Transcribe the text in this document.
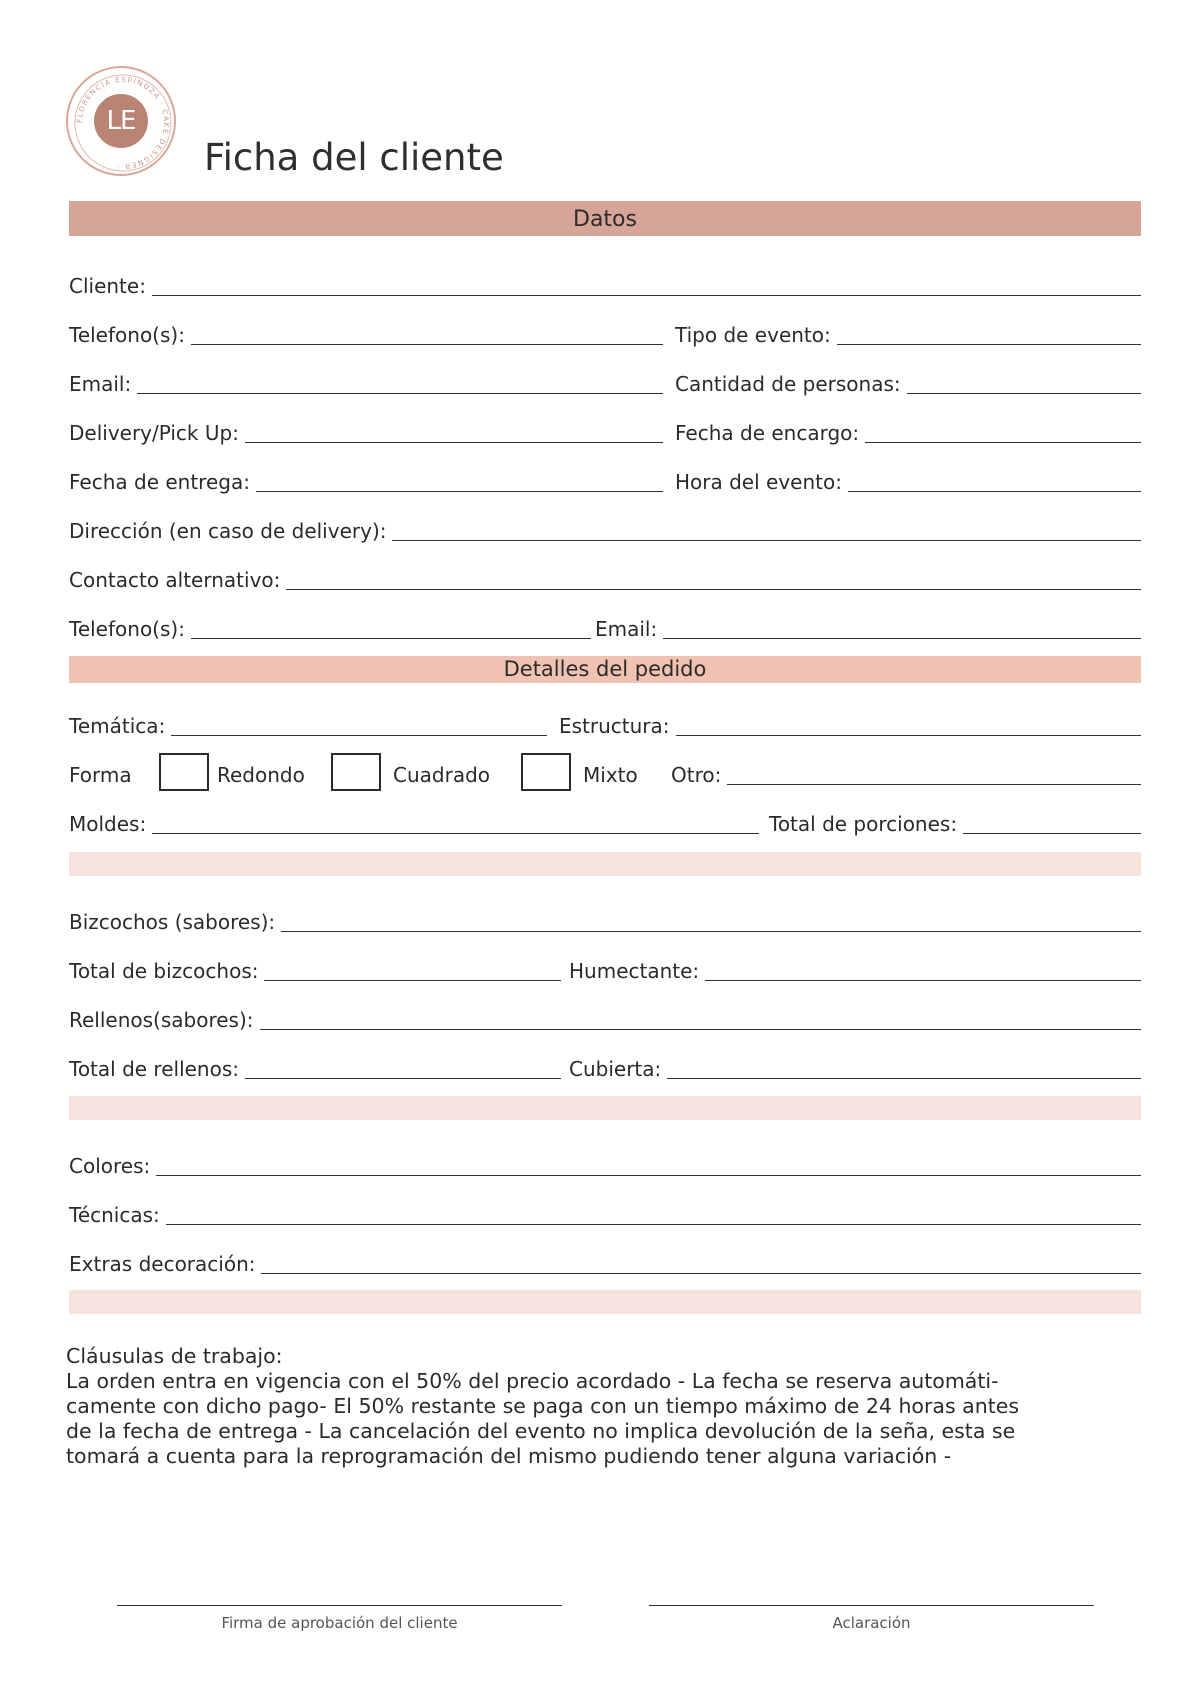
FLORENCIA ESPINOZA · CAKE DESIGNER ·
LE
Ficha del cliente
Datos
Cliente:
Telefono(s):	Tipo de evento:
Email:	Cantidad de personas:
Delivery/Pick Up:	Fecha de encargo:
Fecha de entrega:	Hora del evento:
Dirección (en caso de delivery):
Contacto alternativo:
Telefono(s):	Email:
Detalles del pedido
Temática:	Estructura:
Forma	Redondo	Cuadrado	Mixto	Otro:
Moldes:	Total de porciones:
Bizcochos (sabores):
Total de bizcochos:	Humectante:
Rellenos(sabores):
Total de rellenos:	Cubierta:
Colores:
Técnicas:
Extras decoración:

Cláusulas de trabajo:

La orden entra en vigencia con el 50% del precio acordado - La fecha se reserva automáti-

camente con dicho pago- El 50% restante se paga con un tiempo máximo de 24 horas antes

de la fecha de entrega - La cancelación del evento no implica devolución de la seña, esta se

tomará a cuenta para la reprogramación del mismo pudiendo tener alguna variación -

Firma de aprobación del cliente	Aclaración
